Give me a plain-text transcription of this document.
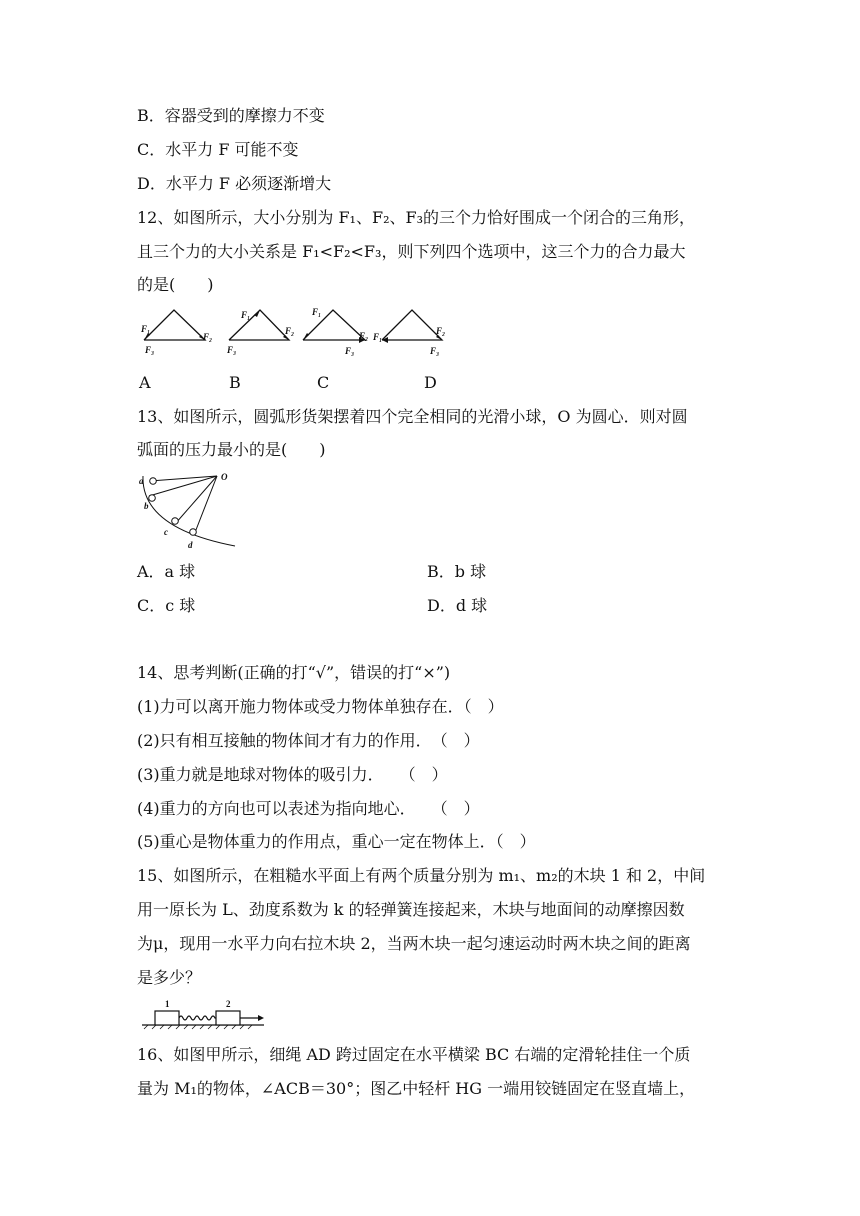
B．容器受到的摩擦力不变
C．水平力 F 可能不变
D．水平力 F 必须逐渐增大
12、如图所示，大小分别为 F₁、F₂、F₃的三个力恰好围成一个闭合的三角形，
且三个力的大小关系是 F₁<F₂<F₃，则下列四个选项中，这三个力的合力最大
的是(　　)
F₁
F₂
F₃
F₁
F₂
F₃
F₁
F₂
F₃
F₁
F₂
F₃
A	B	C	D
13、如图所示，圆弧形货架摆着四个完全相同的光滑小球，O 为圆心．则对圆
弧面的压力最小的是(　　)
O
a
b
c
d
A．a 球	B．b 球
C．c 球	D．d 球
14、思考判断(正确的打“√”，错误的打“×”)
(1)力可以离开施力物体或受力物体单独存在．（　）
(2)只有相互接触的物体间才有力的作用．　（　）
(3)重力就是地球对物体的吸引力．　　（　）
(4)重力的方向也可以表述为指向地心．　　（　）
(5)重心是物体重力的作用点，重心一定在物体上．（　）
15、如图所示，在粗糙水平面上有两个质量分别为 m₁、m₂的木块 1 和 2，中间
用一原长为 L、劲度系数为 k 的轻弹簧连接起来，木块与地面间的动摩擦因数
为μ，现用一水平力向右拉木块 2，当两木块一起匀速运动时两木块之间的距离
是多少？
1	2
16、如图甲所示，细绳 AD 跨过固定在水平横梁 BC 右端的定滑轮挂住一个质
量为 M₁的物体，∠ACB＝30°；图乙中轻杆 HG 一端用铰链固定在竖直墙上，
